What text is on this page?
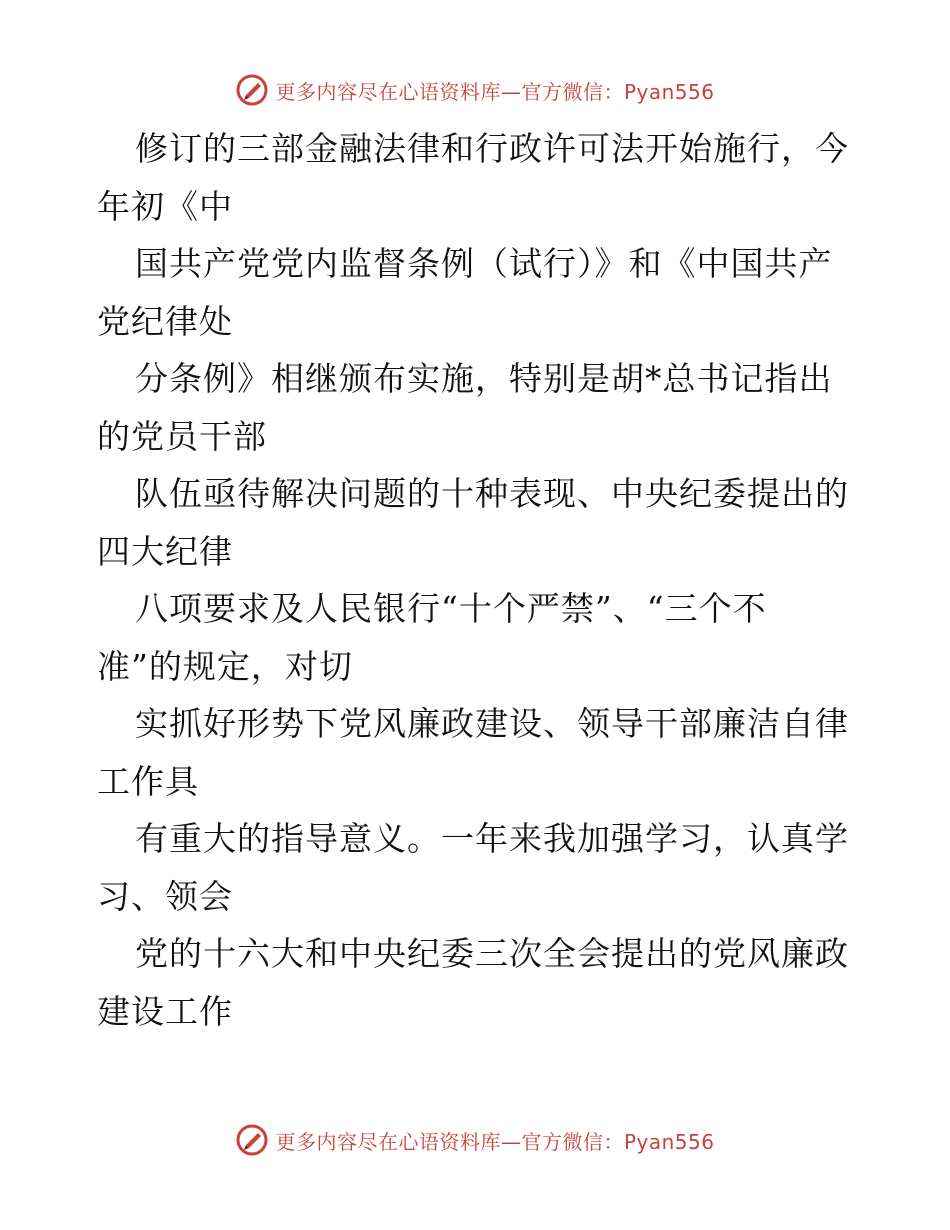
更多内容尽在心语资料库—官方微信：Pyan556
修订的三部金融法律和行政许可法开始施行，今
年初《中
国共产党党内监督条例（试行）》和《中国共产
党纪律处
分条例》相继颁布实施，特别是胡*总书记指出
的党员干部
队伍亟待解决问题的十种表现、中央纪委提出的
四大纪律
八项要求及人民银行“十个严禁”、“三个不
准”的规定，对切
实抓好形势下党风廉政建设、领导干部廉洁自律
工作具
有重大的指导意义。一年来我加强学习，认真学
习、领会
党的十六大和中央纪委三次全会提出的党风廉政
建设工作
更多内容尽在心语资料库—官方微信：Pyan556
